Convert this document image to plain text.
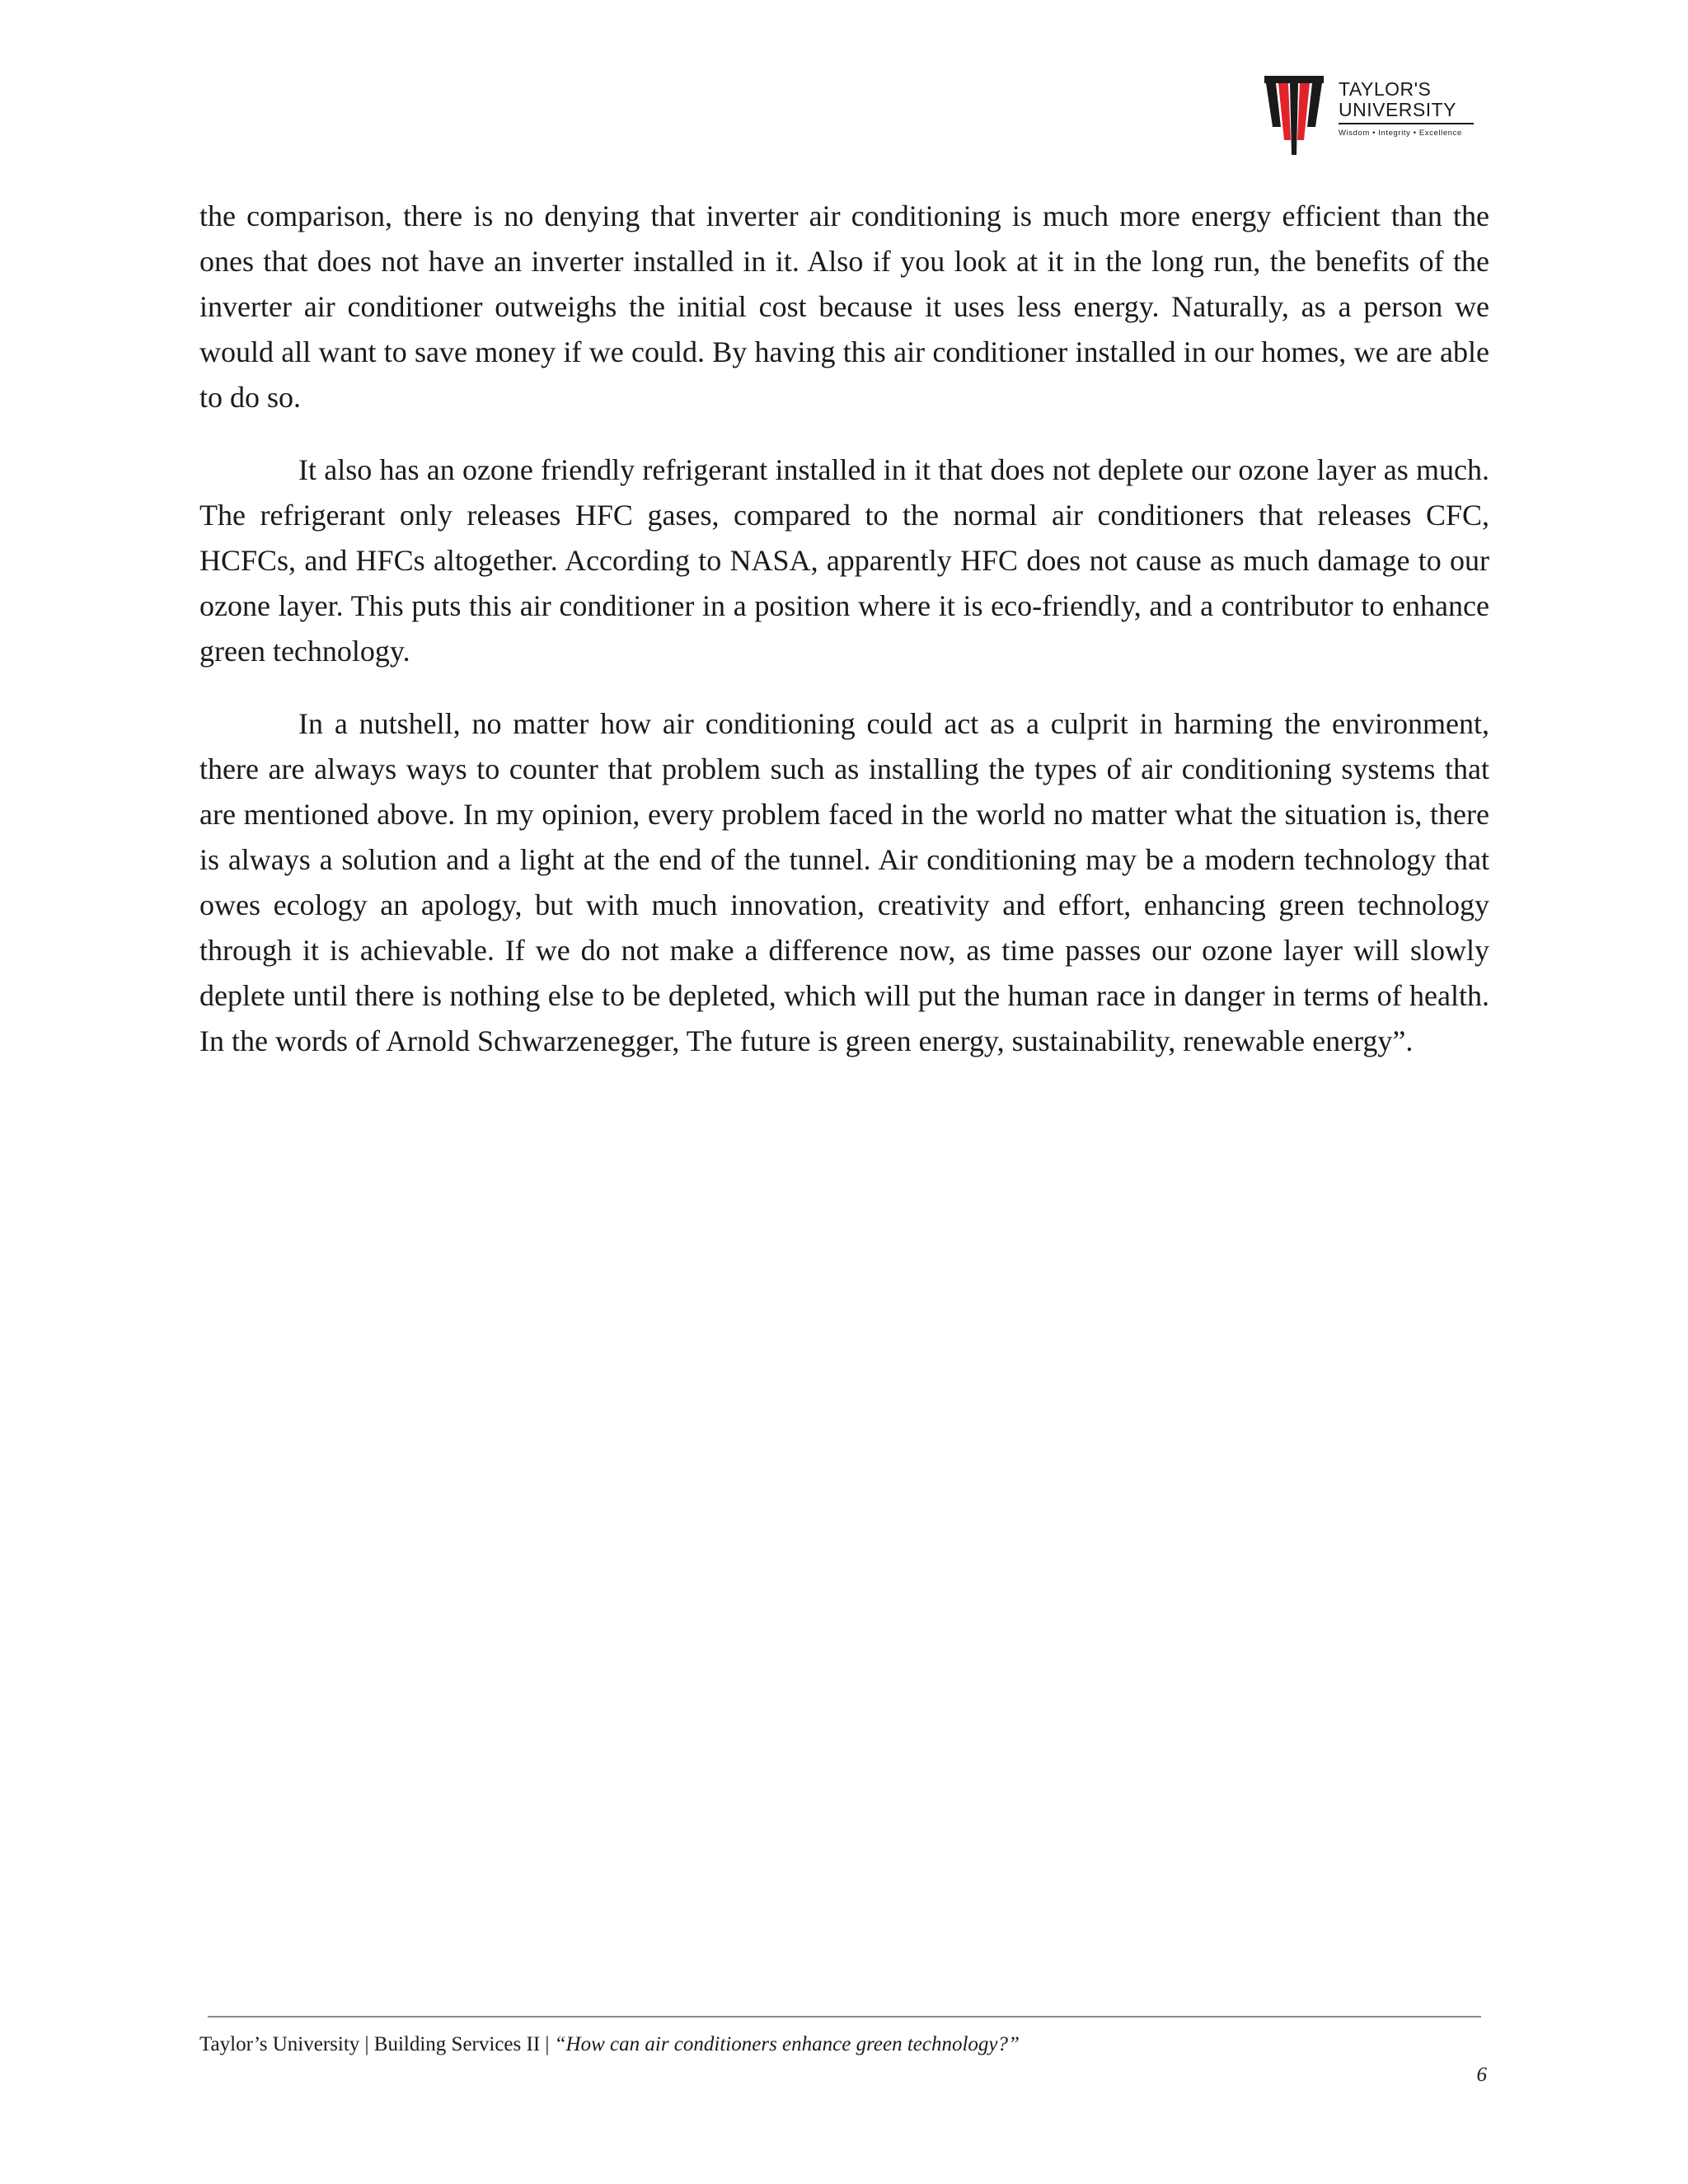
TAYLOR'S
UNIVERSITY
Wisdom • Integrity • Excellence

the comparison, there is no denying that inverter air conditioning is much more energy efficient than the ones that does not have an inverter installed in it. Also if you look at it in the long run, the benefits of the inverter air conditioner outweighs the initial cost because it uses less energy. Naturally, as a person we would all want to save money if we could. By having this air conditioner installed in our homes, we are able to do so.

It also has an ozone friendly refrigerant installed in it that does not deplete our ozone layer as much. The refrigerant only releases HFC gases, compared to the normal air conditioners that releases CFC, HCFCs, and HFCs altogether. According to NASA, apparently HFC does not cause as much damage to our ozone layer. This puts this air conditioner in a position where it is eco-friendly, and a contributor to enhance green technology.

In a nutshell, no matter how air conditioning could act as a culprit in harming the environment, there are always ways to counter that problem such as installing the types of air conditioning systems that are mentioned above. In my opinion, every problem faced in the world no matter what the situation is, there is always a solution and a light at the end of the tunnel. Air conditioning may be a modern technology that owes ecology an apology, but with much innovation, creativity and effort, enhancing green technology through it is achievable. If we do not make a difference now, as time passes our ozone layer will slowly deplete until there is nothing else to be depleted, which will put the human race in danger in terms of health. In the words of Arnold Schwarzenegger, The future is green energy, sustainability, renewable energy”.

Taylor’s University | Building Services II | “How can air conditioners enhance green technology?”
6
